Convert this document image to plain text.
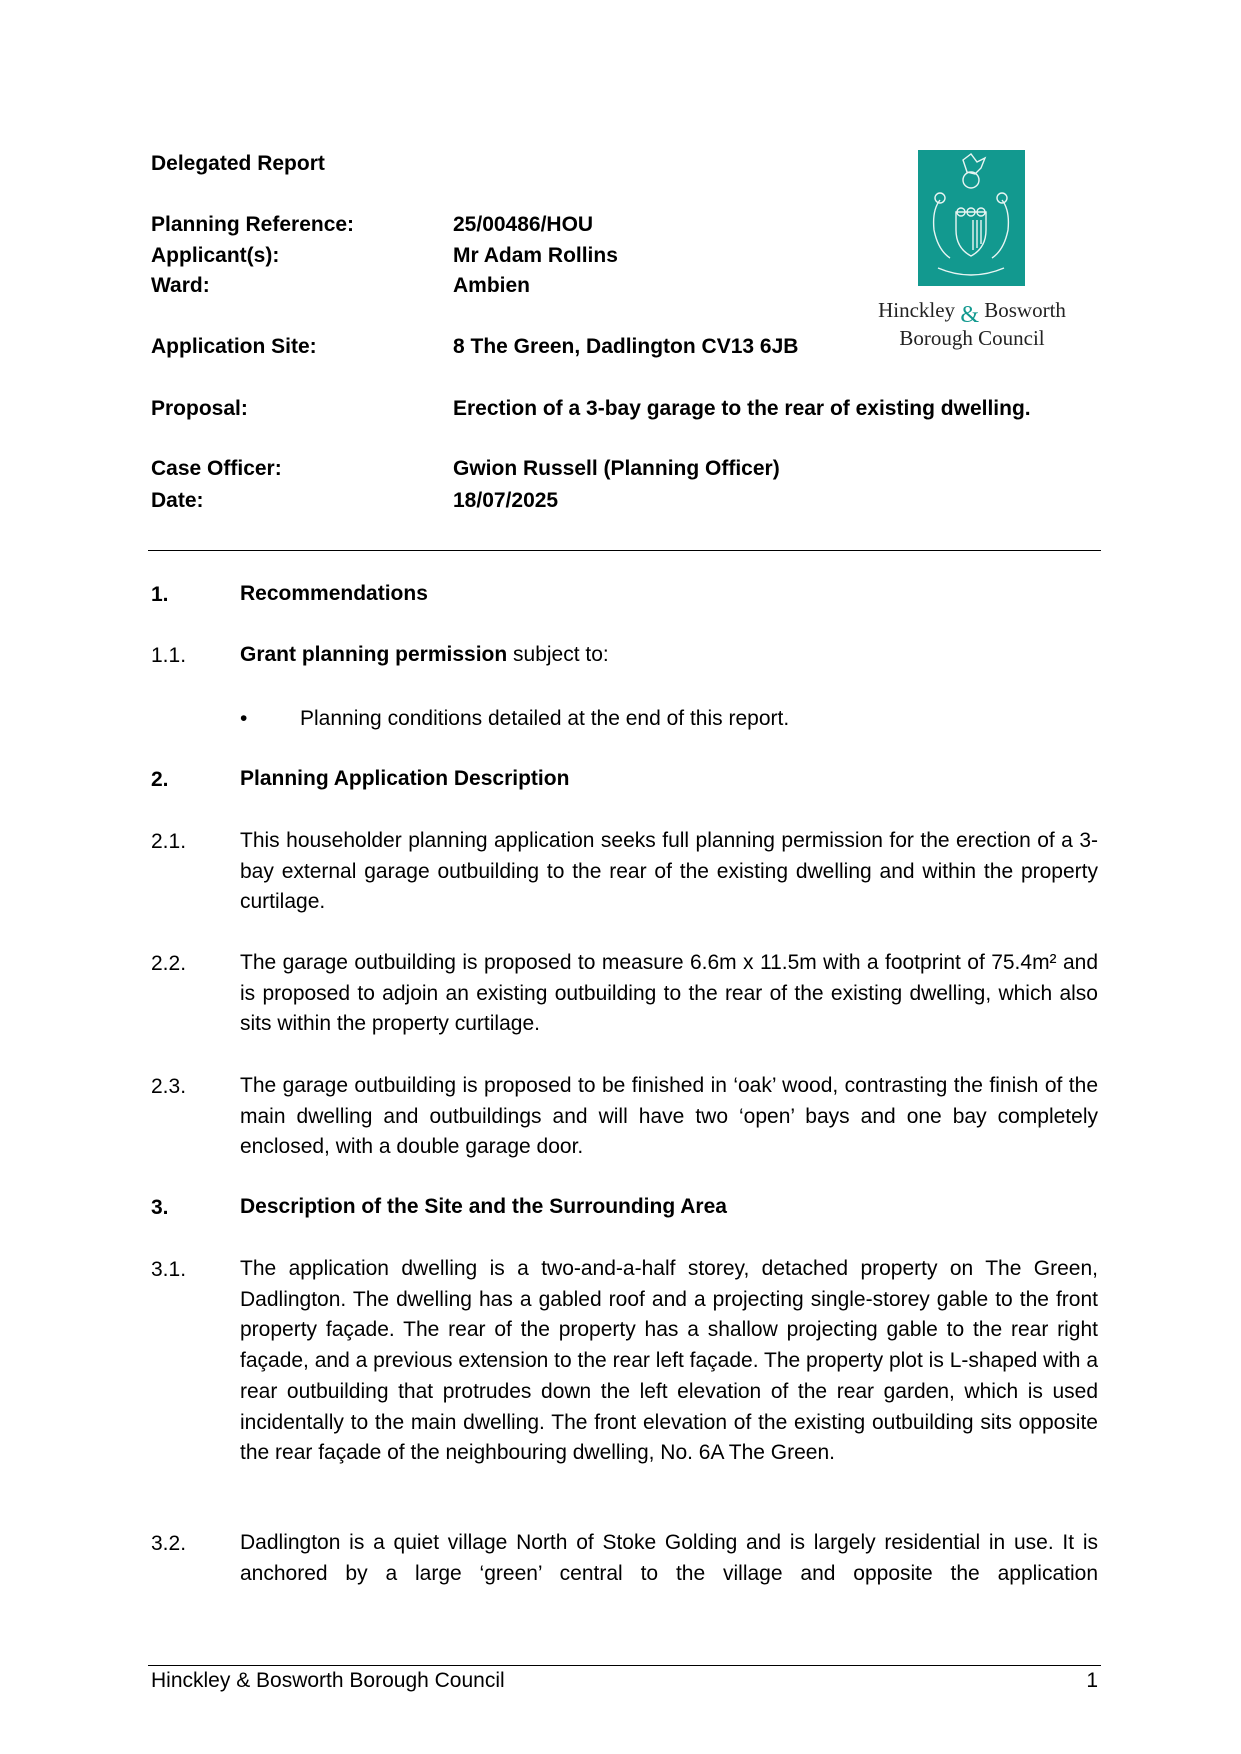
Delegated Report
Planning Reference:	25/00486/HOU
Applicant(s):	Mr Adam Rollins
Ward:	Ambien
Application Site:	8 The Green, Dadlington CV13 6JB
Proposal:	Erection of a 3-bay garage to the rear of existing dwelling.
Case Officer:	Gwion Russell (Planning Officer)
Date:	18/07/2025
Hinckley & Bosworth
Borough Council
1.	Recommendations
1.1.	Grant planning permission subject to:
•	Planning conditions detailed at the end of this report.
2.	Planning Application Description
2.1.	This householder planning application seeks full planning permission for the erection of a 3-bay external garage outbuilding to the rear of the existing dwelling and within the property curtilage.
2.2.	The garage outbuilding is proposed to measure 6.6m x 11.5m with a footprint of 75.4m² and is proposed to adjoin an existing outbuilding to the rear of the existing dwelling, which also sits within the property curtilage.
2.3.	The garage outbuilding is proposed to be finished in ‘oak’ wood, contrasting the finish of the main dwelling and outbuildings and will have two ‘open’ bays and one bay completely enclosed, with a double garage door.
3.	Description of the Site and the Surrounding Area
3.1.	The application dwelling is a two-and-a-half storey, detached property on The Green, Dadlington. The dwelling has a gabled roof and a projecting single-storey gable to the front property façade. The rear of the property has a shallow projecting gable to the rear right façade, and a previous extension to the rear left façade. The property plot is L-shaped with a rear outbuilding that protrudes down the left elevation of the rear garden, which is used incidentally to the main dwelling. The front elevation of the existing outbuilding sits opposite the rear façade of the neighbouring dwelling, No. 6A The Green.
3.2.	Dadlington is a quiet village North of Stoke Golding and is largely residential in use. It is anchored by a large ‘green’ central to the village and opposite the application
Hinckley & Bosworth Borough Council	1
